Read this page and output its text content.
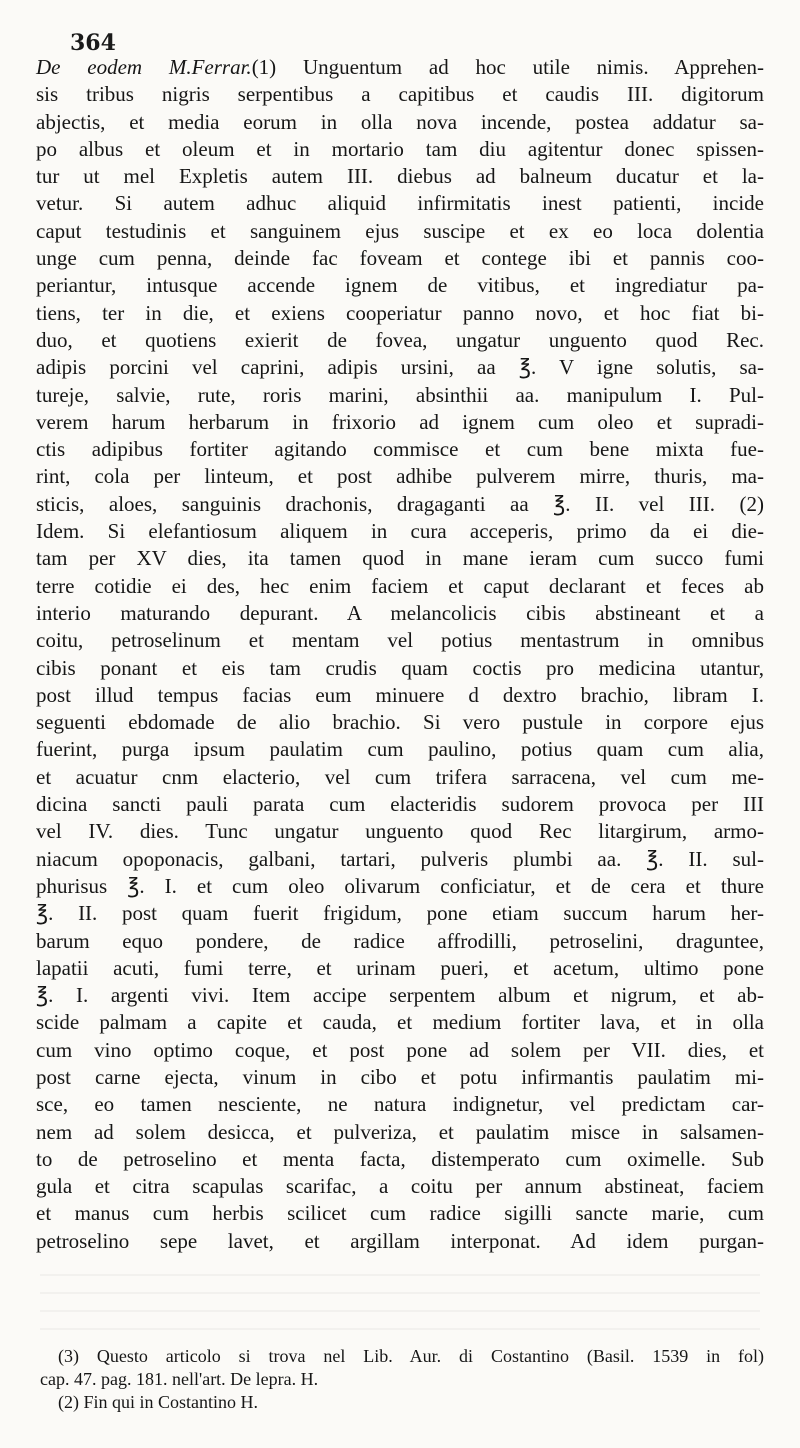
364
De eodem M.Ferrar.(1) Unguentum ad hoc utile nimis. Apprehen-
sis tribus nigris serpentibus a capitibus et caudis III. digitorum
abjectis, et media eorum in olla nova incende, postea addatur sa-
po albus et oleum et in mortario tam diu agitentur donec spissen-
tur ut mel Expletis autem III. diebus ad balneum ducatur et la-
vetur. Si autem adhuc aliquid infirmitatis inest patienti, incide
caput testudinis et sanguinem ejus suscipe et ex eo loca dolentia
unge cum penna, deinde fac foveam et contege ibi et pannis coo-
periantur, intusque accende ignem de vitibus, et ingrediatur pa-
tiens, ter in die, et exiens cooperiatur panno novo, et hoc fiat bi-
duo, et quotiens exierit de fovea, ungatur unguento quod Rec.
adipis porcini vel caprini, adipis ursini, aa ℥. V igne solutis, sa-
tureje, salvie, rute, roris marini, absinthii aa. manipulum I. Pul-
verem harum herbarum in frixorio ad ignem cum oleo et supradi-
ctis adipibus fortiter agitando commisce et cum bene mixta fue-
rint, cola per linteum, et post adhibe pulverem mirre, thuris, ma-
sticis, aloes, sanguinis drachonis, dragaganti aa ℥. II. vel III. (2)
Idem. Si elefantiosum aliquem in cura acceperis, primo da ei die-
tam per XV dies, ita tamen quod in mane ieram cum succo fumi
terre cotidie ei des, hec enim faciem et caput declarant et feces ab
interio maturando depurant. A melancolicis cibis abstineant et a
coitu, petroselinum et mentam vel potius mentastrum in omnibus
cibis ponant et eis tam crudis quam coctis pro medicina utantur,
post illud tempus facias eum minuere d dextro brachio, libram I.
seguenti ebdomade de alio brachio. Si vero pustule in corpore ejus
fuerint, purga ipsum paulatim cum paulino, potius quam cum alia,
et acuatur cnm elacterio, vel cum trifera sarracena, vel cum me-
dicina sancti pauli parata cum elacteridis sudorem provoca per III
vel IV. dies. Tunc ungatur unguento quod Rec litargirum, armo-
niacum opoponacis, galbani, tartari, pulveris plumbi aa. ℥. II. sul-
phurisus ℥. I. et cum oleo olivarum conficiatur, et de cera et thure
℥. II. post quam fuerit frigidum, pone etiam succum harum her-
barum equo pondere, de radice affrodilli, petroselini, draguntee,
lapatii acuti, fumi terre, et urinam pueri, et acetum, ultimo pone
℥. I. argenti vivi. Item accipe serpentem album et nigrum, et ab-
scide palmam a capite et cauda, et medium fortiter lava, et in olla
cum vino optimo coque, et post pone ad solem per VII. dies, et
post carne ejecta, vinum in cibo et potu infirmantis paulatim mi-
sce, eo tamen nesciente, ne natura indignetur, vel predictam car-
nem ad solem desicca, et pulveriza, et paulatim misce in salsamen-
to de petroselino et menta facta, distemperato cum oximelle. Sub
gula et citra scapulas scarifac, a coitu per annum abstineat, faciem
et manus cum herbis scilicet cum radice sigilli sancte marie, cum
petroselino sepe lavet, et argillam interponat. Ad idem purgan-
(3) Questo articolo si trova nel Lib. Aur. di Costantino (Basil. 1539 in fol)
cap. 47. pag. 181. nell'art. De lepra. H.
(2) Fin qui in Costantino H.
